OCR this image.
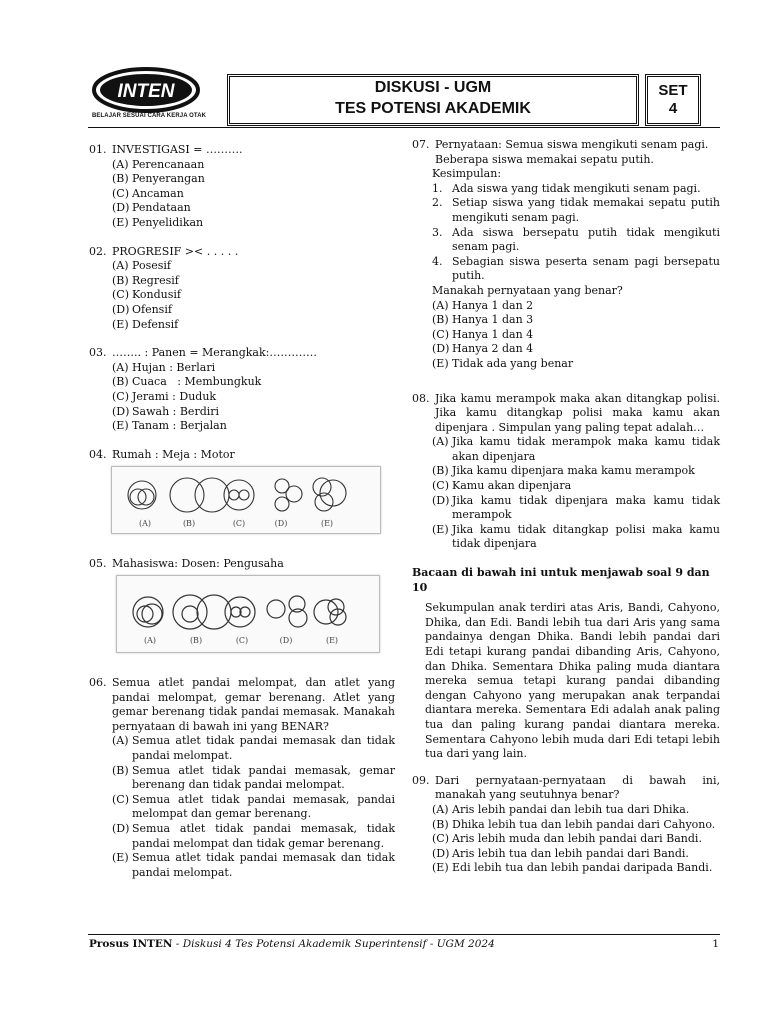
INTEN
BELAJAR SESUAI CARA KERJA OTAK
DISKUSI - UGM
TES POTENSI AKADEMIK
SET
4
01. INVESTIGASI = ……….
(A) Perencanaan
(B) Penyerangan
(C) Ancaman
(D) Pendataan
(E) Penyelidikan
02. PROGRESIF >< . . . . .
(A) Posesif
(B) Regresif
(C) Kondusif
(D) Ofensif
(E) Defensif
03. …….. : Panen = Merangkak:………….
(A) Hujan : Berlari
(B) Cuaca   : Membungkuk
(C) Jerami : Duduk
(D) Sawah : Berdiri
(E) Tanam : Berjalan
04. Rumah : Meja : Motor
(A)	(B)	(C)	(D)	(E)
05. Mahasiswa: Dosen: Pengusaha
(A)	(B)	(C)	(D)	(E)
06. Semua atlet pandai melompat, dan atlet yang pandai melompat, gemar berenang. Atlet yang gemar berenang tidak pandai memasak. Manakah pernyataan di bawah ini yang BENAR?
(A) Semua atlet tidak pandai memasak dan tidak pandai melompat.
(B) Semua atlet tidak pandai memasak, gemar berenang dan tidak pandai melompat.
(C) Semua atlet tidak pandai memasak, pandai melompat dan gemar berenang.
(D) Semua atlet tidak pandai memasak, tidak pandai melompat dan tidak gemar berenang.
(E) Semua atlet tidak pandai memasak dan tidak pandai melompat.
07. Pernyataan: Semua siswa mengikuti senam pagi. Beberapa siswa memakai sepatu putih.
Kesimpulan:
1. Ada siswa yang tidak mengikuti senam pagi.
2. Setiap siswa yang tidak memakai sepatu putih mengikuti senam pagi.
3. Ada siswa bersepatu putih tidak mengikuti senam pagi.
4. Sebagian siswa peserta senam pagi bersepatu putih.
Manakah pernyataan yang benar?
(A) Hanya 1 dan 2
(B) Hanya 1 dan 3
(C) Hanya 1 dan 4
(D) Hanya 2 dan 4
(E) Tidak ada yang benar
08. Jika kamu merampok maka akan ditangkap polisi. Jika kamu ditangkap polisi maka kamu akan dipenjara . Simpulan yang paling tepat adalah…
(A) Jika kamu tidak merampok maka kamu tidak akan dipenjara
(B) Jika kamu dipenjara maka kamu merampok
(C) Kamu akan dipenjara
(D) Jika kamu tidak dipenjara maka kamu tidak merampok
(E) Jika kamu tidak ditangkap polisi maka kamu tidak dipenjara
Bacaan di bawah ini untuk menjawab soal 9 dan 10
Sekumpulan anak terdiri atas Aris, Bandi, Cahyono, Dhika, dan Edi. Bandi lebih tua dari Aris yang sama pandainya dengan Dhika. Bandi lebih pandai dari Edi tetapi kurang pandai dibanding Aris, Cahyono, dan Dhika. Sementara Dhika paling muda diantara mereka semua tetapi kurang pandai dibanding dengan Cahyono yang merupakan anak terpandai diantara mereka. Sementara Edi adalah anak paling tua dan paling kurang pandai diantara mereka. Sementara Cahyono lebih muda dari Edi tetapi lebih tua dari yang lain.
09. Dari pernyataan-pernyataan di bawah ini, manakah yang seutuhnya benar?
(A) Aris lebih pandai dan lebih tua dari Dhika.
(B) Dhika lebih tua dan lebih pandai dari Cahyono.
(C) Aris lebih muda dan lebih pandai dari Bandi.
(D) Aris lebih tua dan lebih pandai dari Bandi.
(E) Edi lebih tua dan lebih pandai daripada Bandi.
Prosus INTEN - Diskusi 4 Tes Potensi Akademik Superintensif - UGM 2024	1
